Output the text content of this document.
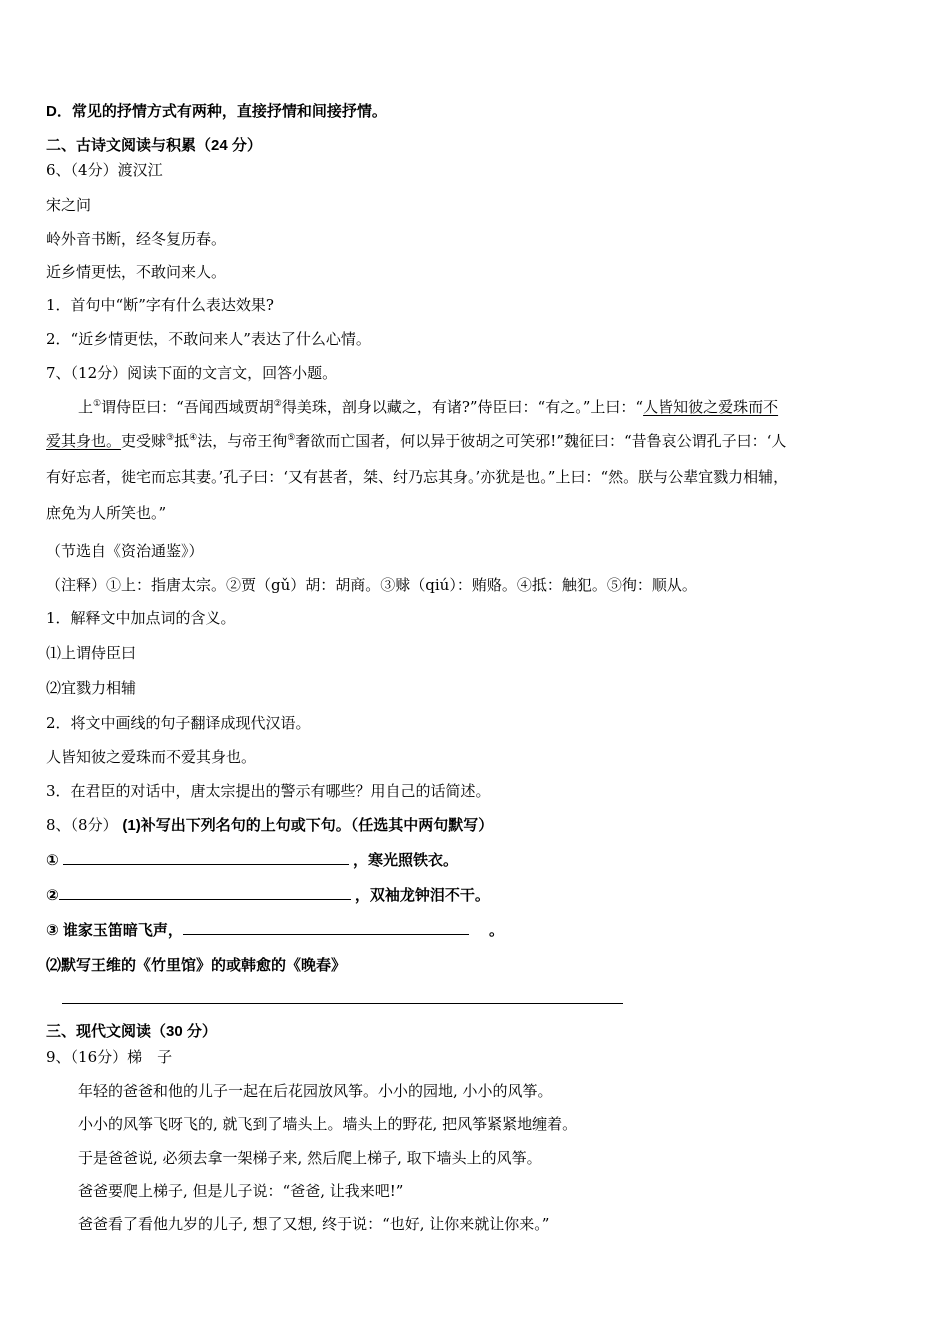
D．常见的抒情方式有两种，直接抒情和间接抒情。
二、古诗文阅读与积累（24 分）
6、（4分）渡汉江
宋之问
岭外音书断，经冬复历春。
近乡情更怯，不敢问来人。
1．首句中“断”字有什么表达效果?
2．“近乡情更怯，不敢问来人”表达了什么心情。
7、（12分）阅读下面的文言文，回答小题。
上①谓侍臣曰：“吾闻西域贾胡②得美珠，剖身以藏之，有诸?”侍臣曰：“有之。”上曰：“人皆知彼之爱珠而不
爱其身也。吏受赇③抵④法，与帝王徇⑤奢欲而亡国者，何以异于彼胡之可笑邪!”魏征曰：“昔鲁哀公谓孔子曰：‘人
有好忘者，徙宅而忘其妻。’孔子曰：‘又有甚者，桀、纣乃忘其身。’亦犹是也。”上曰：“然。朕与公辈宜戮力相辅，
庶免为人所笑也。”
（节选自《资治通鉴》）
（注释）①上：指唐太宗。②贾（gǔ）胡：胡商。③赇（qiú）：贿赂。④抵：触犯。⑤徇：顺从。
1．解释文中加点词的含义。
⑴上谓侍臣曰
⑵宜戮力相辅
2．将文中画线的句子翻译成现代汉语。
人皆知彼之爱珠而不爱其身也。
3．在君臣的对话中，唐太宗提出的警示有哪些？用自己的话简述。
8、（8分） (1)补写出下列名句的上句或下句。（任选其中两句默写）
①	，寒光照铁衣。
②	，双袖龙钟泪不干。
③ 谁家玉笛暗飞声，	。
⑵默写王维的《竹里馆》的或韩愈的《晚春》
三、现代文阅读（30 分）
9、（16分）梯　子
年轻的爸爸和他的儿子一起在后花园放风筝。小小的园地, 小小的风筝。
小小的风筝飞呀飞的, 就飞到了墙头上。墙头上的野花, 把风筝紧紧地缠着。
于是爸爸说, 必须去拿一架梯子来, 然后爬上梯子, 取下墙头上的风筝。
爸爸要爬上梯子, 但是儿子说：“爸爸, 让我来吧!”
爸爸看了看他九岁的儿子, 想了又想, 终于说：“也好, 让你来就让你来。”
